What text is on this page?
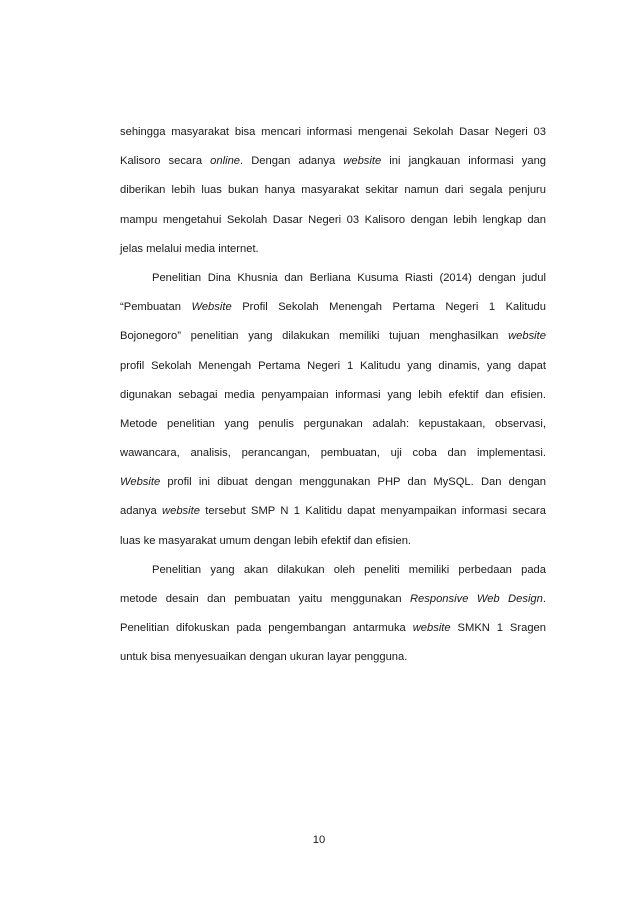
sehingga masyarakat bisa mencari informasi mengenai Sekolah Dasar Negeri 03
Kalisoro secara online. Dengan adanya website ini jangkauan informasi yang
diberikan lebih luas bukan hanya masyarakat sekitar namun dari segala penjuru
mampu mengetahui Sekolah Dasar Negeri 03 Kalisoro dengan lebih lengkap dan
jelas melalui media internet.
Penelitian Dina Khusnia dan Berliana Kusuma Riasti (2014) dengan judul
“Pembuatan Website Profil Sekolah Menengah Pertama Negeri 1 Kalitudu
Bojonegoro” penelitian yang dilakukan memiliki tujuan menghasilkan website
profil Sekolah Menengah Pertama Negeri 1 Kalitudu yang dinamis, yang dapat
digunakan sebagai media penyampaian informasi yang lebih efektif dan efisien.
Metode penelitian yang penulis pergunakan adalah: kepustakaan, observasi,
wawancara, analisis, perancangan, pembuatan, uji coba dan implementasi.
Website profil ini dibuat dengan menggunakan PHP dan MySQL. Dan dengan
adanya website tersebut SMP N 1 Kalitidu dapat menyampaikan informasi secara
luas ke masyarakat umum dengan lebih efektif dan efisien.
Penelitian yang akan dilakukan oleh peneliti memiliki perbedaan pada
metode desain dan pembuatan yaitu menggunakan Responsive Web Design.
Penelitian difokuskan pada pengembangan antarmuka website SMKN 1 Sragen
untuk bisa menyesuaikan dengan ukuran layar pengguna.
10
